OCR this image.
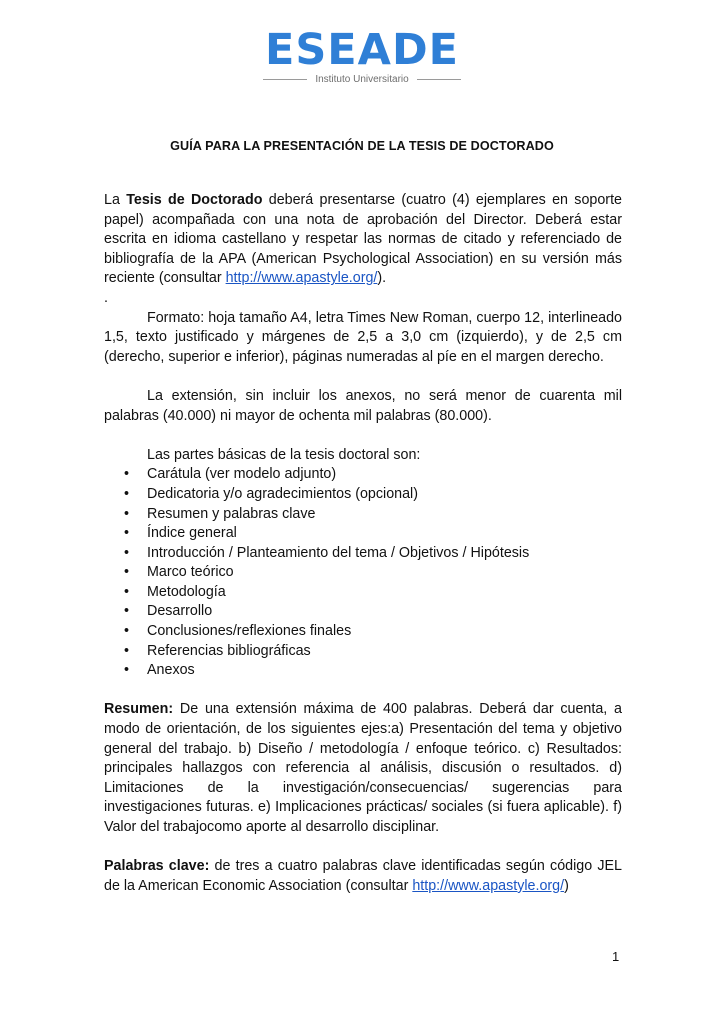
ESEADE
Instituto Universitario
GUÍA PARA LA PRESENTACIÓN DE LA TESIS DE DOCTORADO

La Tesis de Doctorado deberá presentarse (cuatro (4) ejemplares en soporte papel) acompañada con una nota de aprobación del Director. Deberá estar escrita en idioma castellano y respetar las normas de citado y referenciado de bibliografía de la APA (American Psychological Association) en su versión más reciente (consultar http://www.apastyle.org/).

.

Formato: hoja tamaño A4, letra Times New Roman, cuerpo 12, interlineado 1,5, texto justificado y márgenes de 2,5 a 3,0 cm (izquierdo), y de 2,5 cm (derecho, superior e inferior), páginas numeradas al píe en el margen derecho.

La extensión, sin incluir los anexos, no será menor de cuarenta mil palabras (40.000) ni mayor de ochenta mil palabras (80.000).

Las partes básicas de la tesis doctoral son:

• Carátula (ver modelo adjunto)
• Dedicatoria y/o agradecimientos (opcional)
• Resumen y palabras clave
• Índice general
• Introducción / Planteamiento del tema / Objetivos / Hipótesis
• Marco teórico
• Metodología
• Desarrollo
• Conclusiones/reflexiones finales
• Referencias bibliográficas
• Anexos

Resumen: De una extensión máxima de 400 palabras. Deberá dar cuenta, a modo de orientación, de los siguientes ejes:a) Presentación del tema y objetivo general del trabajo. b) Diseño / metodología / enfoque teórico. c) Resultados: principales hallazgos con referencia al análisis, discusión o resultados. d) Limitaciones de la investigación/consecuencias/ sugerencias para investigaciones futuras. e) Implicaciones prácticas/ sociales (si fuera aplicable). f) Valor del trabajocomo aporte al desarrollo disciplinar.

Palabras clave: de tres a cuatro palabras clave identificadas según código JEL de la American Economic Association (consultar http://www.apastyle.org/)

1
